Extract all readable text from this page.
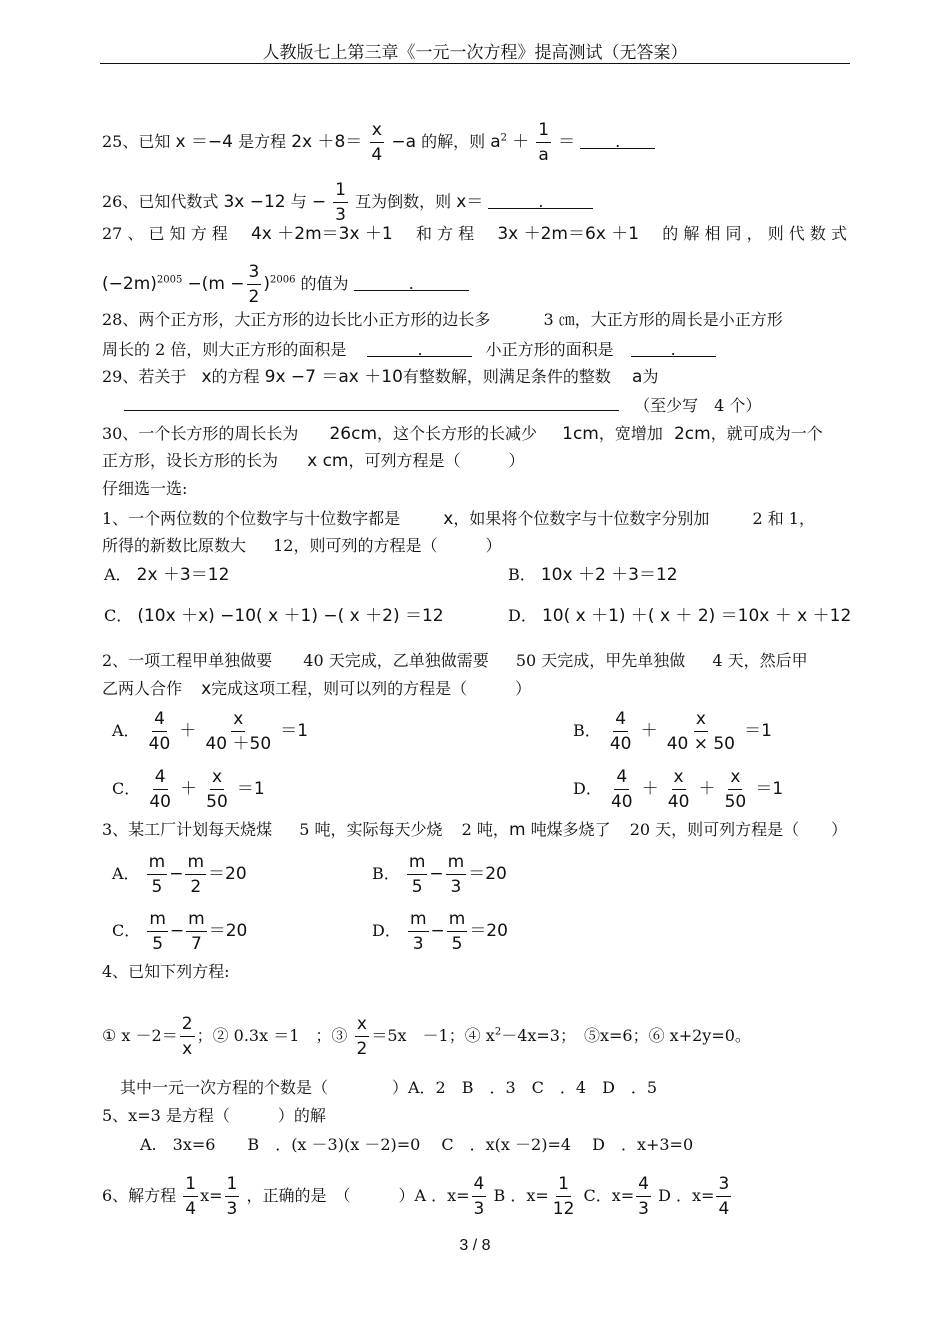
人教版七上第三章《一元一次方程》提高测试（无答案）
25、已知 x ＝−4 是方程 $2x +8= \frac{x}{4} -a$ 的解，则 $a^2 + \frac{1}{a}$ ＝	.
26、已知代数式 3x −12 与 − $\frac{1}{3}$ 互为倒数，则 x＝	.
27 、 已 知 方 程 4x ＋2m＝3x ＋1 和 方 程 3x ＋2m＝6x ＋1 的 解 相 同 ， 则 代 数 式
$(-2m)^{2005} -(m - \frac{3}{2} )^{2006}$ 的值为	.
28、两个正方形，大正方形的边长比小正方形的边长多	3 ㎝，大正方形的周长是小正方形
周长的 2 倍，则大正方形的面积是	.	小正方形的面积是	.
29、若关于 x的方程 9x −7 ＝ax ＋10有整数解，则满足条件的整数 a为
（至少写　4 个）
30、一个长方形的周长长为 26cm，这个长方形的长减少 1cm，宽增加 2cm，就可成为一个
正方形，设长方形的长为 x cm，可列方程是（　　　）
仔细选一选:
1、一个两位数的个位数字与十位数字都是	x，如果将个位数字与十位数字分别加	2 和 1，
所得的新数比原数大 12，则可列的方程是（　　　）
A． 2x ＋3＝12	B． 10x ＋2 ＋3＝12
C． (10x ＋x) −10( x ＋1) −( x ＋2) ＝12	D． 10( x ＋1) ＋( x ＋ 2) ＝10x ＋ x ＋12
2、一项工程甲单独做要 40 天完成，乙单独做需要 50 天完成，甲先单独做 4 天，然后甲
乙两人合作 x完成这项工程，则可以列的方程是（　　　）
A． $\frac{4}{40} + \frac{x}{40 +50} =1$	B． $\frac{4}{40} + \frac{x}{40 \times 50} =1$
C． $\frac{4}{40} + \frac{x}{50} =1$	D． $\frac{4}{40} + \frac{x}{40} + \frac{x}{50} =1$
3、某工厂计划每天烧煤 5 吨，实际每天少烧 2 吨，m 吨煤多烧了 20 天，则可列方程是（　　）
A． $\frac{m}{5} - \frac{m}{2} =20$	B． $\frac{m}{5} - \frac{m}{3} =20$
C． $\frac{m}{5} - \frac{m}{7} =20$	D． $\frac{m}{3} - \frac{m}{5} =20$
4、已知下列方程:
① $x -2= \frac{2}{x}$ ；② 0.3x ＝1　；③ $\frac{x}{2} =5x$　－1；④ $x^2-4x=3$；　⑤x=6；⑥ x+2y=0。
其中一元一次方程的个数是（　　　　）A．2　B　．3　C　．4　D　．5
5、x=3 是方程（　　　）的解
A.　3x=6　　B　．(x －3)(x －2)=0　 C　．x(x －2)=4　 D　．x+3=0
6、解方程 $\frac{1}{4} x= \frac{1}{3}$ ，正确的是　（　　　）A ．$x= \frac{4}{3}$ B ．$x= \frac{1}{12}$ C．$x= \frac{4}{3}$ D ．$x= \frac{3}{4}$
3 / 8
